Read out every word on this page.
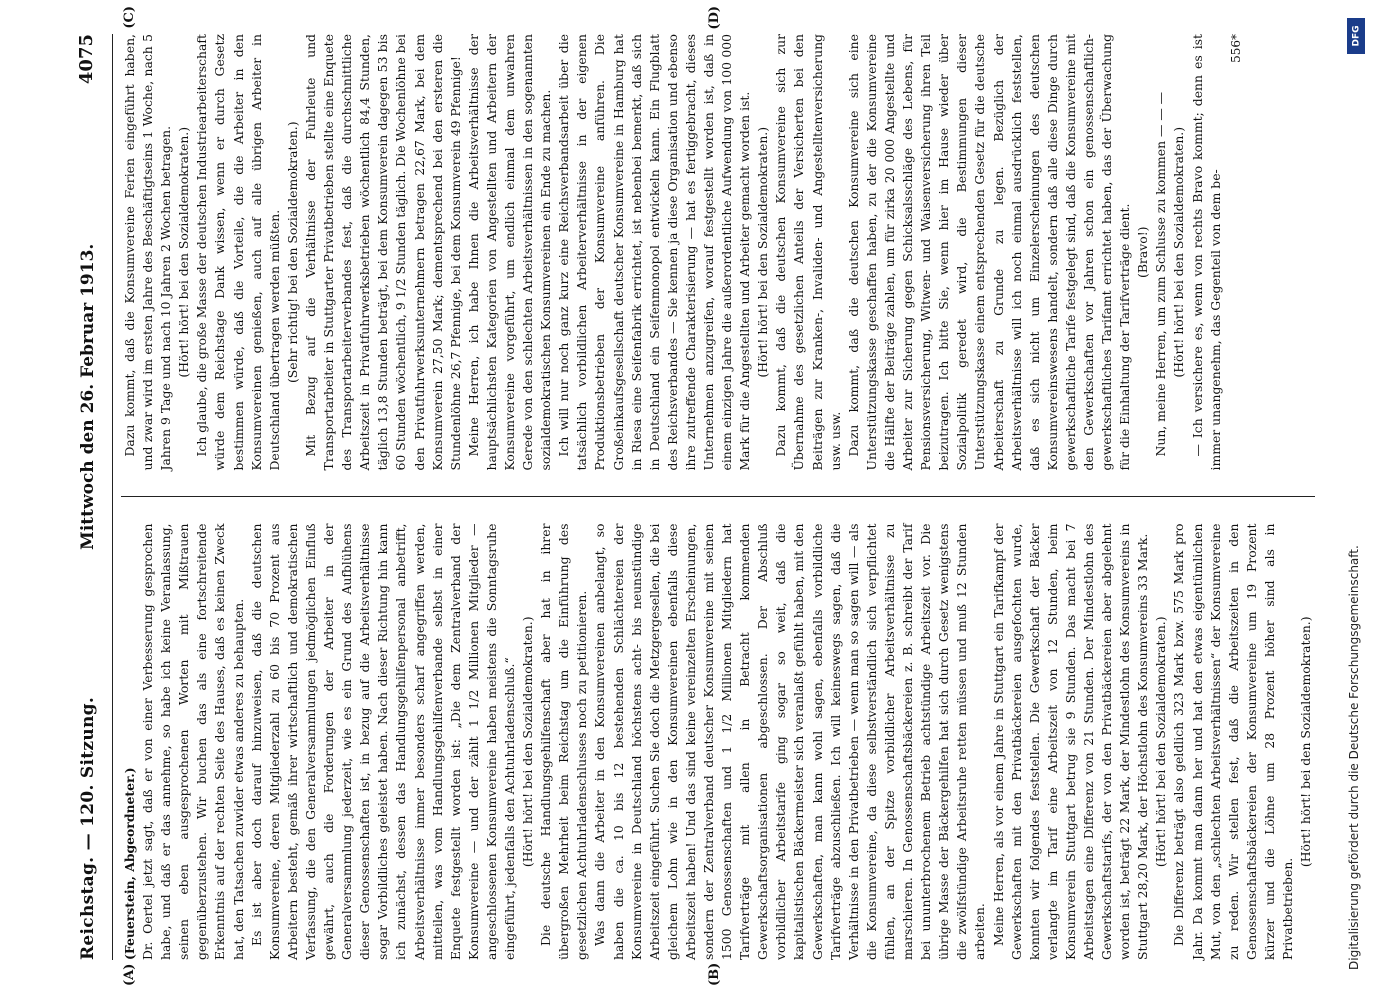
Reichstag. — 120. Sitzung.
Mittwoch den 26. Februar 1913.
4075
(A)	(B)

(Feuerstein, Abgeordneter.) Dr. Oertel jetzt sagt, daß er von einer Verbesserung gesprochen habe, und daß er das annehme, so habe ich keine Veranlassung, seinen eben ausgesprochenen Worten mit Mißtrauen gegenüberzustehen. Wir buchen das als eine fortschreitende Erkenntnis auf der rechten Seite des Hauses, daß es keinen Zweck hat, den Tatsachen zuwider etwas anderes zu behaupten. Es ist aber doch darauf hinzuweisen, daß die deutschen Konsumvereine, deren Mitgliederzahl zu 60 bis 70 Prozent aus Arbeitern besteht, gemäß ihrer wirtschaftlich und demokratischen Verfassung, die den Generalversammlungen jedmöglichen Einfluß gewährt, auch die Forderungen der Arbeiter in der Generalversammlung jederzeit, wie es ein Grund des Aufblühens dieser Genossenschaften ist, in bezug auf die Arbeitsverhältnisse sogar Vorbildliches geleistet haben. Nach dieser Richtung hin kann ich zunächst, dessen das Handlungsgehilfenpersonal anbetrifft, Arbeitsverhältnisse immer besonders scharf angegriffen werden, mitteilen, was vom Handlungsgehilfenverbande selbst in einer Enquete festgestellt worden ist: „Die dem Zentralverband der Konsumvereine — und der zählt 1 1/2 Millionen Mitglieder — angeschlossenen Konsumvereine haben meistens die Sonntagsruhe eingeführt, jedenfalls den Achtuhrladenschluß.“ (Hört! hört! bei den Sozialdemokraten.) Die deutsche Handlungsgehilfenschaft aber hat in ihrer übergroßen Mehrheit beim Reichstag um die Einführung des gesetzlichen Achtuhrladenschlusses noch zu petitionieren. Was dann die Arbeiter in den Konsumvereinen anbelangt, so haben die ca. 10 bis 12 bestehenden Schlächtereien der Konsumvereine in Deutschland höchstens acht- bis neunstündige Arbeitszeit eingeführt. Suchen Sie doch die Metzgergesellen, die bei gleichem Lohn wie in den Konsumvereinen ebenfalls diese Arbeitszeit haben! Und das sind keine vereinzelten Erscheinungen, sondern der Zentralverband deutscher Konsumvereine mit seinen 1500 Genossenschaften und 1 1/2 Millionen Mitgliedern hat Tarifverträge mit allen in Betracht kommenden Gewerkschaftsorganisationen abgeschlossen. Der Abschluß vorbildlicher Arbeitstarife ging sogar so weit, daß die kapitalistischen Bäckermeister sich veranlaßt gefühlt haben, mit den Gewerkschaften, man kann wohl sagen, ebenfalls vorbildliche Tarifverträge abzuschließen. Ich will keineswegs sagen, daß die Verhältnisse in den Privatbetrieben — wenn man so sagen will — als die Konsumvereine, da diese selbstverständlich sich verpflichtet fühlen, an der Spitze vorbildlicher Arbeitsverhältnisse zu marschieren. In Genossenschaftsbäckereien z. B. schreibt der Tarif bei ununterbrochenem Betrieb achtstündige Arbeitszeit vor. Die übrige Masse der Bäckergehilfen hat sich durch Gesetz wenigstens die zwölfstündige Arbeitsruhe retten müssen und muß 12 Stunden arbeiten. Meine Herren, als vor einem Jahre in Stuttgart ein Tarifkampf der Gewerkschaften mit den Privatbäckereien ausgefochten wurde, konnten wir folgendes feststellen. Die Gewerkschaft der Bäcker verlangte im Tarif eine Arbeitszeit von 12 Stunden, beim Konsumverein Stuttgart betrug sie 9 Stunden. Das macht bei 7 Arbeitstagen eine Differenz von 21 Stunden. Der Mindestlohn des Gewerkschaftstarifs, der von den Privatbäckereien aber abgelehnt worden ist, beträgt 22 Mark, der Mindestlohn des Konsumvereins in Stuttgart 28,20 Mark, der Höchstlohn des Konsumvereins 33 Mark. (Hört! hört! bei den Sozialdemokraten.) Die Differenz beträgt also geldlich 323 Mark bzw. 575 Mark pro Jahr. Da kommt man dann her und hat den etwas eigentümlichen Mut, von den „schlechten Arbeitsverhältnissen“ der Konsumvereine zu reden. Wir stellen fest, daß die Arbeitszeiten in den Genossenschaftsbäckereien der Konsumvereine um 19 Prozent kürzer und die Löhne um 28 Prozent höher sind als in Privatbetrieben.

(Hört! hört! bei den Sozialdemokraten.)

(C)	(D)

Dazu kommt, daß die Konsumvereine Ferien eingeführt haben, und zwar wird im ersten Jahre des Beschäftigtseins 1 Woche, nach 5 Jahren 9 Tage und nach 10 Jahren 2 Wochen betragen. (Hört! hört! bei den Sozialdemokraten.) Ich glaube, die große Masse der deutschen Industriearbeiterschaft würde dem Reichstage Dank wissen, wenn er durch Gesetz bestimmen würde, daß die Vorteile, die die Arbeiter in den Konsumvereinen genießen, auch auf alle übrigen Arbeiter in Deutschland übertragen werden müßten. (Sehr richtig! bei den Sozialdemokraten.) Mit Bezug auf die Verhältnisse der Fuhrleute und Transportarbeiter in Stuttgarter Privatbetrieben stellte eine Enquete des Transportarbeiterverbandes fest, daß die durchschnittliche Arbeitszeit in Privatfuhrwerksbetrieben wöchentlich 84,4 Stunden, täglich 13,8 Stunden beträgt, bei dem Konsumverein dagegen 53 bis 60 Stunden wöchentlich, 9 1/2 Stunden täglich. Die Wochenlöhne bei den Privatfuhrwerksunternehmern betragen 22,67 Mark, bei dem Konsumverein 27,50 Mark; dementsprechend bei den ersteren die Stundenlöhne 26,7 Pfennige, bei dem Konsumverein 49 Pfennige! Meine Herren, ich habe Ihnen die Arbeitsverhältnisse der hauptsächlichsten Kategorien von Angestellten und Arbeitern der Konsumvereine vorgeführt, um endlich einmal dem unwahren Gerede von den schlechten Arbeitsverhältnissen in den sogenannten sozialdemokratischen Konsumvereinen ein Ende zu machen. Ich will nur noch ganz kurz eine Reichsverbandsarbeit über die tatsächlich vorbildlichen Arbeiterverhältnisse in der eigenen Produktionsbetrieben der Konsumvereine anführen. Die Großeinkaufsgesellschaft deutscher Konsumvereine in Hamburg hat in Riesa eine Seifenfabrik errichtet, ist nebenbei bemerkt, daß sich in Deutschland ein Seifenmonopol entwickeln kann. Ein Flugblatt des Reichsverbandes — Sie kennen ja diese Organisation und ebenso ihre zutreffende Charakterisierung — hat es fertiggebracht, dieses Unternehmen anzugreifen, worauf festgestellt worden ist, daß in einem einzigen Jahre die außerordentliche Aufwendung von 100 000 Mark für die Angestellten und Arbeiter gemacht worden ist. (Hört! hört! bei den Sozialdemokraten.) Dazu kommt, daß die deutschen Konsumvereine sich zur Übernahme des gesetzlichen Anteils der Versicherten bei den Beiträgen zur Kranken-, Invaliden- und Angestelltenversicherung usw. usw. Dazu kommt, daß die deutschen Konsumvereine sich eine Unterstützungskasse geschaffen haben, zu der die Konsumvereine die Hälfte der Beiträge zahlen, um für zirka 20 000 Angestellte und Arbeiter zur Sicherung gegen Schicksalsschläge des Lebens, für Pensionsversicherung, Witwen- und Waisenversicherung ihren Teil beizutragen. Ich bitte Sie, wenn hier im Hause wieder über Sozialpolitik geredet wird, die Bestimmungen dieser Unterstützungskasse einem entsprechenden Gesetz für die deutsche Arbeiterschaft zu Grunde zu legen. Bezüglich der Arbeitsverhältnisse will ich noch einmal ausdrücklich feststellen, daß es sich nicht um Einzelerscheinungen des deutschen Konsumvereinswesens handelt, sondern daß alle diese Dinge durch gewerkschaftliche Tarife festgelegt sind, daß die Konsumvereine mit den Gewerkschaften vor Jahren schon ein genossenschaftlich-gewerkschaftliches Tarifamt errichtet haben, das der Überwachung für die Einhaltung der Tarifverträge dient. (Bravo!) Nun, meine Herren, um zum Schlusse zu kommen — — — (Hört! hört! bei den Sozialdemokraten.) — Ich versichere es, wenn von rechts Bravo kommt; denn es ist immer unangenehm, das Gegenteil von dem be-

556*	DFG
Digitalisierung gefördert durch die Deutsche Forschungsgemeinschaft.
